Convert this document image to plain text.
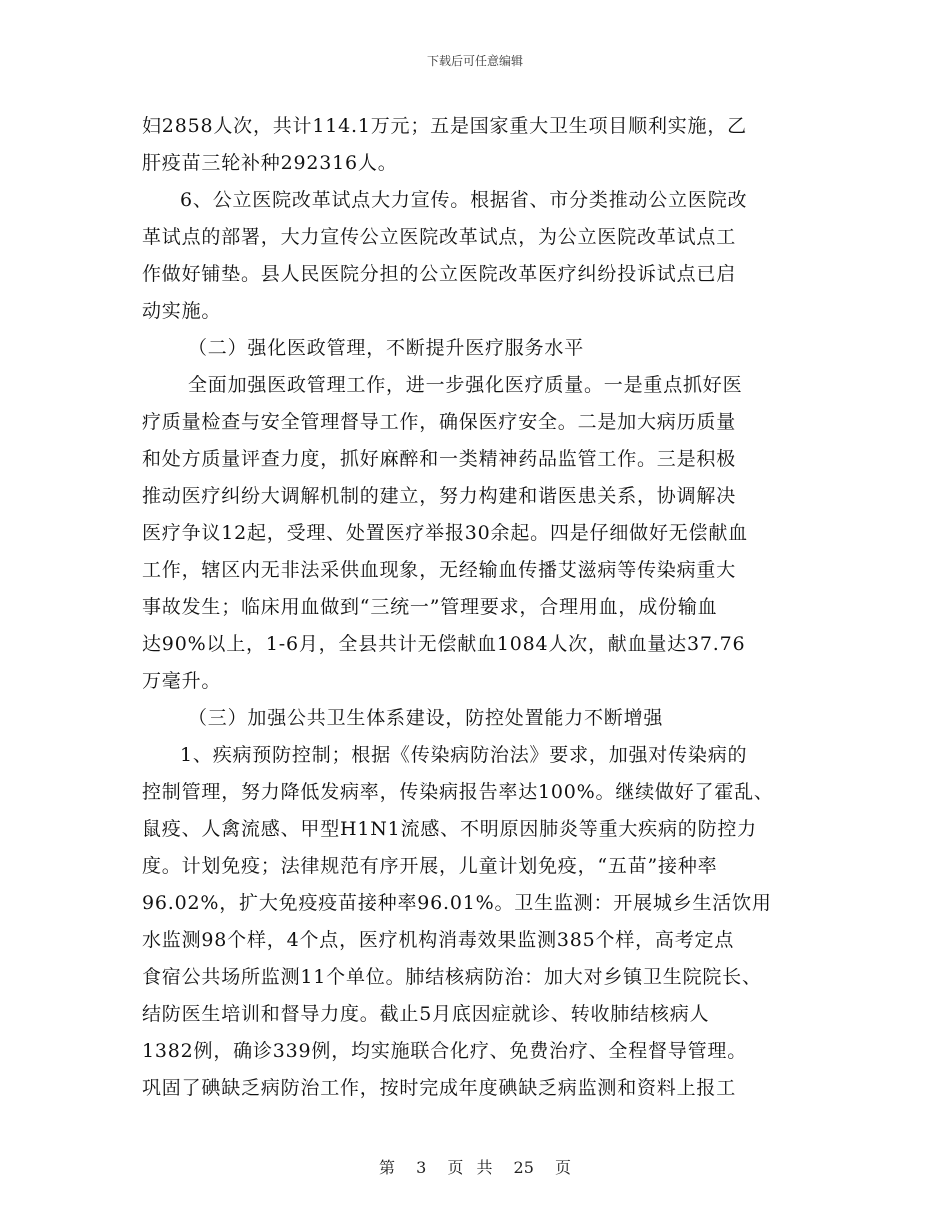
下载后可任意编辑
妇2858人次，共计114.1万元；五是国家重大卫生项目顺利实施，乙
肝疫苗三轮补种292316人。
6、公立医院改革试点大力宣传。根据省、市分类推动公立医院改
革试点的部署，大力宣传公立医院改革试点，为公立医院改革试点工
作做好铺垫。县人民医院分担的公立医院改革医疗纠纷投诉试点已启
动实施。
（二）强化医政管理，不断提升医疗服务水平
全面加强医政管理工作，进一步强化医疗质量。一是重点抓好医
疗质量检查与安全管理督导工作，确保医疗安全。二是加大病历质量
和处方质量评查力度，抓好麻醉和一类精神药品监管工作。三是积极
推动医疗纠纷大调解机制的建立，努力构建和谐医患关系，协调解决
医疗争议12起，受理、处置医疗举报30余起。四是仔细做好无偿献血
工作，辖区内无非法采供血现象，无经输血传播艾滋病等传染病重大
事故发生；临床用血做到“三统一”管理要求，合理用血，成份输血
达90%以上，1-6月，全县共计无偿献血1084人次，献血量达37.76
万毫升。
（三）加强公共卫生体系建设，防控处置能力不断增强
1、疾病预防控制；根据《传染病防治法》要求，加强对传染病的
控制管理，努力降低发病率，传染病报告率达100%。继续做好了霍乱、
鼠疫、人禽流感、甲型H1N1流感、不明原因肺炎等重大疾病的防控力
度。计划免疫；法律规范有序开展，儿童计划免疫，“五苗”接种率
96.02%，扩大免疫疫苗接种率96.01%。卫生监测：开展城乡生活饮用
水监测98个样，4个点，医疗机构消毒效果监测385个样，高考定点
食宿公共场所监测11个单位。肺结核病防治：加大对乡镇卫生院院长、
结防医生培训和督导力度。截止5月底因症就诊、转收肺结核病人
1382例，确诊339例，均实施联合化疗、免费治疗、全程督导管理。
巩固了碘缺乏病防治工作，按时完成年度碘缺乏病监测和资料上报工
第 3 页 共 25 页
